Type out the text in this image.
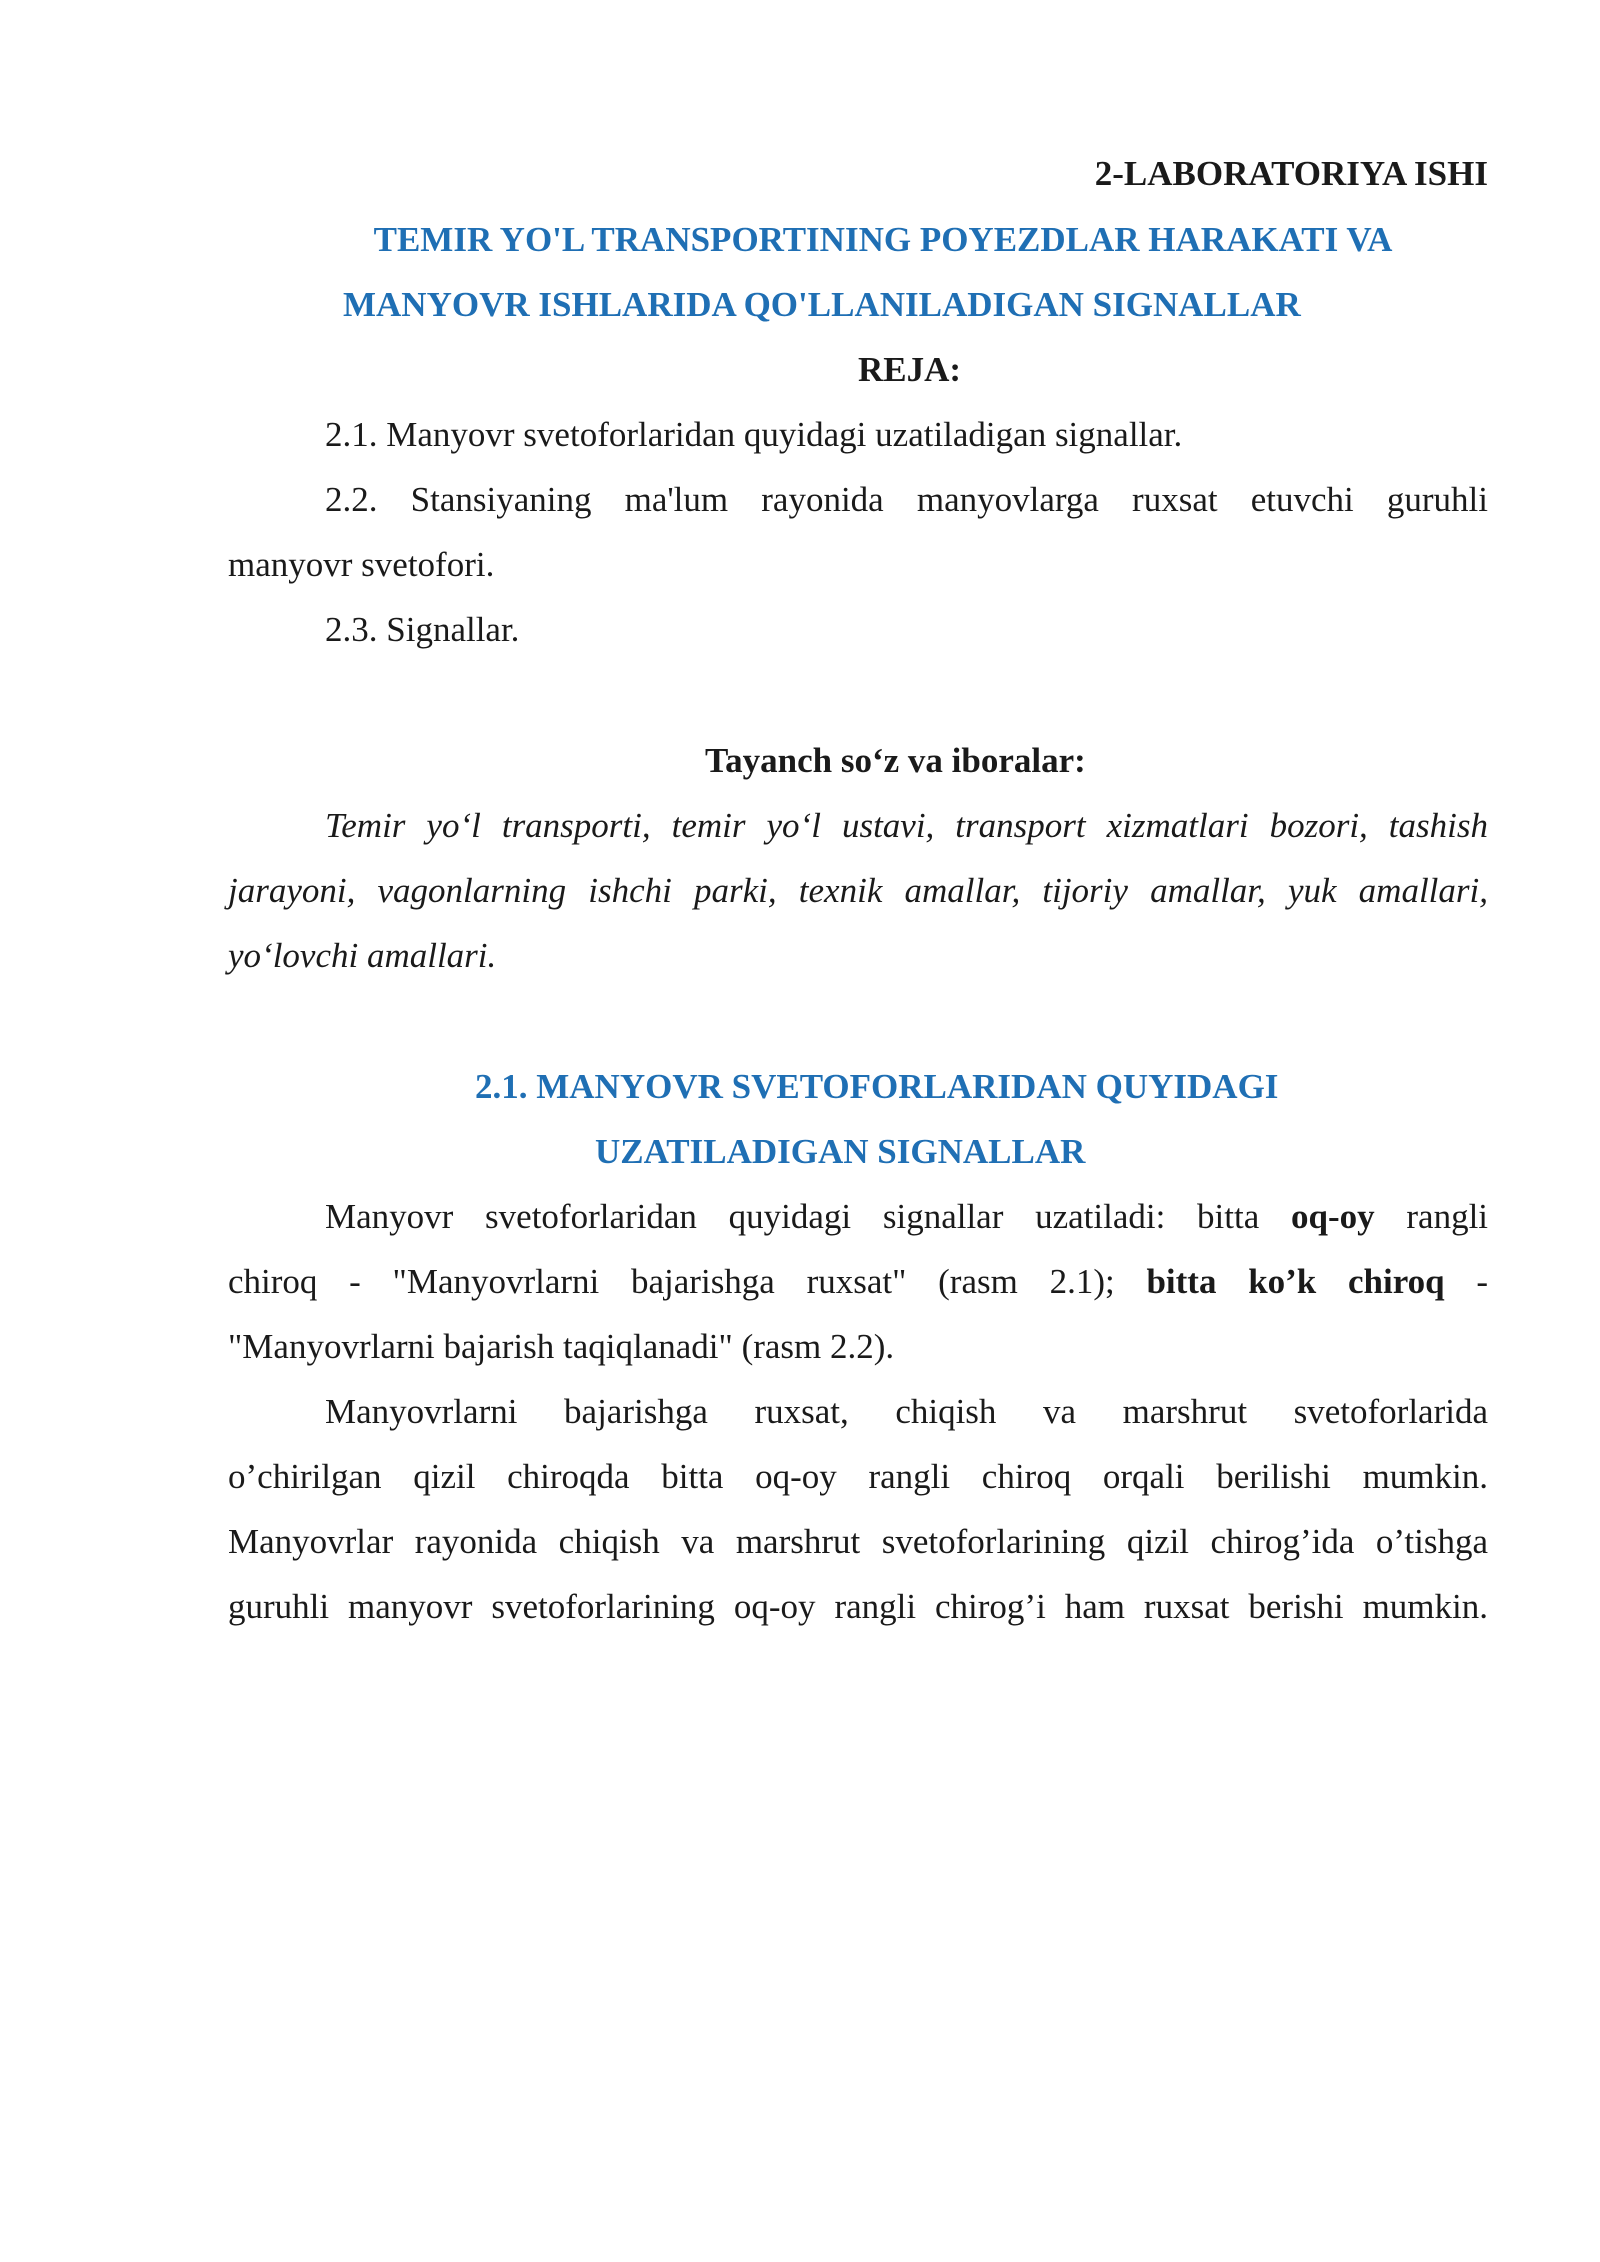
2-LABORATORIYA ISHI
TEMIR YO'L TRANSPORTINING POYEZDLAR HARAKATI VA
MANYOVR ISHLARIDA QO'LLANILADIGAN SIGNALLAR
REJA:
2.1. Manyovr svetoforlaridan quyidagi uzatiladigan signallar.
2.2. Stansiyaning ma'lum rayonida manyovlarga ruxsat etuvchi guruhli
manyovr svetofori.
2.3. Signallar.
Tayanch so‘z va iboralar:
Temir yo‘l transporti, temir yo‘l ustavi, transport xizmatlari bozori, tashish
jarayoni, vagonlarning ishchi parki, texnik amallar, tijoriy amallar, yuk amallari,
yo‘lovchi amallari.
2.1. MANYOVR SVETOFORLARIDAN QUYIDAGI
UZATILADIGAN SIGNALLAR
Manyovr svetoforlaridan quyidagi signallar uzatiladi: bitta oq-oy rangli
chiroq - "Manyovrlarni bajarishga ruxsat" (rasm 2.1); bitta ko’k chiroq -
"Manyovrlarni bajarish taqiqlanadi" (rasm 2.2).
Manyovrlarni bajarishga ruxsat, chiqish va marshrut svetoforlarida
o’chirilgan qizil chiroqda bitta oq-oy rangli chiroq orqali berilishi mumkin.
Manyovrlar rayonida chiqish va marshrut svetoforlarining qizil chirog’ida o’tishga
guruhli manyovr svetoforlarining oq-oy rangli chirog’i ham ruxsat berishi mumkin.
